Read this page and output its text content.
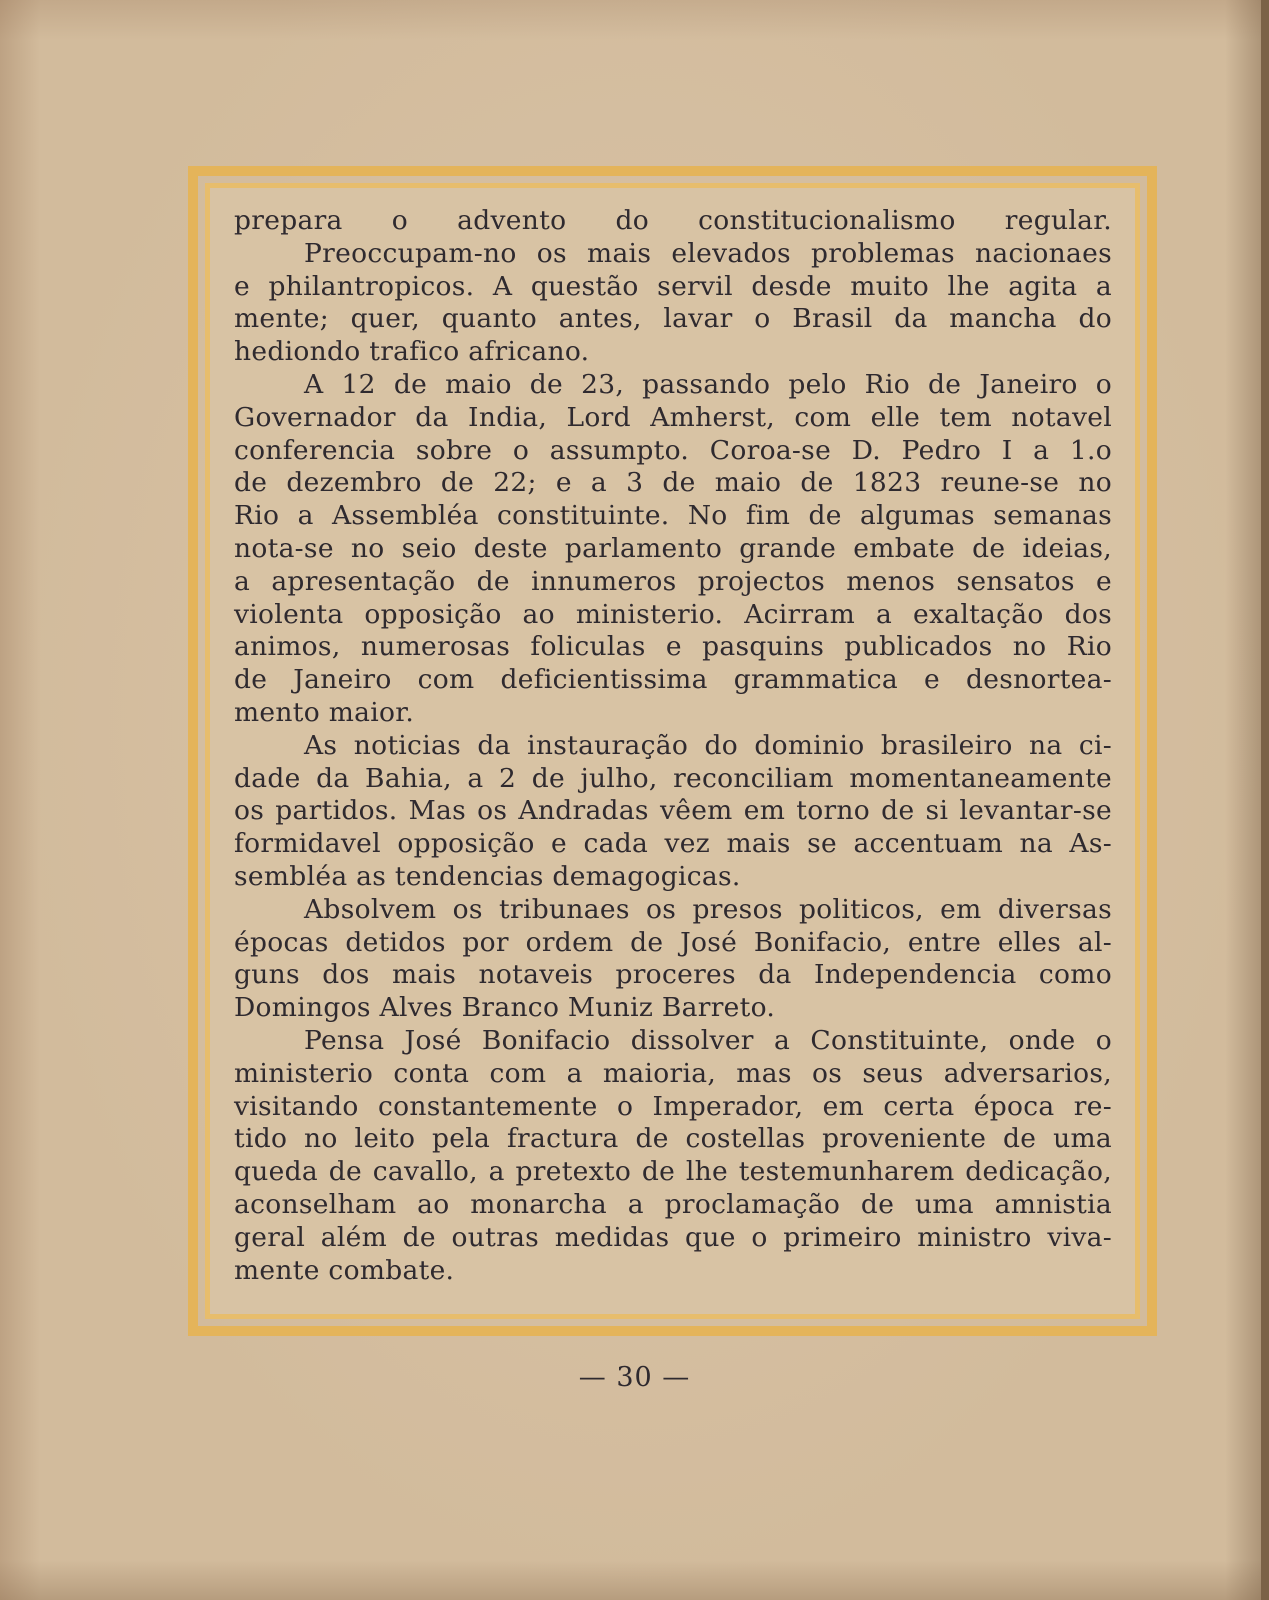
prepara o advento do constitucionalismo regular.
Preoccupam-no os mais elevados problemas nacionaes
e philantropicos. A questão servil desde muito lhe agita a
mente; quer, quanto antes, lavar o Brasil da mancha do
hediondo trafico africano.
A 12 de maio de 23, passando pelo Rio de Janeiro o
Governador da India, Lord Amherst, com elle tem notavel
conferencia sobre o assumpto. Coroa-se D. Pedro I a 1.o
de dezembro de 22; e a 3 de maio de 1823 reune-se no
Rio a Assembléa constituinte. No fim de algumas semanas
nota-se no seio deste parlamento grande embate de ideias,
a apresentação de innumeros projectos menos sensatos e
violenta opposição ao ministerio. Acirram a exaltação dos
animos, numerosas foliculas e pasquins publicados no Rio
de Janeiro com deficientissima grammatica e desnortea-
mento maior.
As noticias da instauração do dominio brasileiro na ci-
dade da Bahia, a 2 de julho, reconciliam momentaneamente
os partidos. Mas os Andradas vêem em torno de si levantar-se
formidavel opposição e cada vez mais se accentuam na As-
sembléa as tendencias demagogicas.
Absolvem os tribunaes os presos politicos, em diversas
épocas detidos por ordem de José Bonifacio, entre elles al-
guns dos mais notaveis proceres da Independencia como
Domingos Alves Branco Muniz Barreto.
Pensa José Bonifacio dissolver a Constituinte, onde o
ministerio conta com a maioria, mas os seus adversarios,
visitando constantemente o Imperador, em certa época re-
tido no leito pela fractura de costellas proveniente de uma
queda de cavallo, a pretexto de lhe testemunharem dedicação,
aconselham ao monarcha a proclamação de uma amnistia
geral além de outras medidas que o primeiro ministro viva-
mente combate.
— 30 —
